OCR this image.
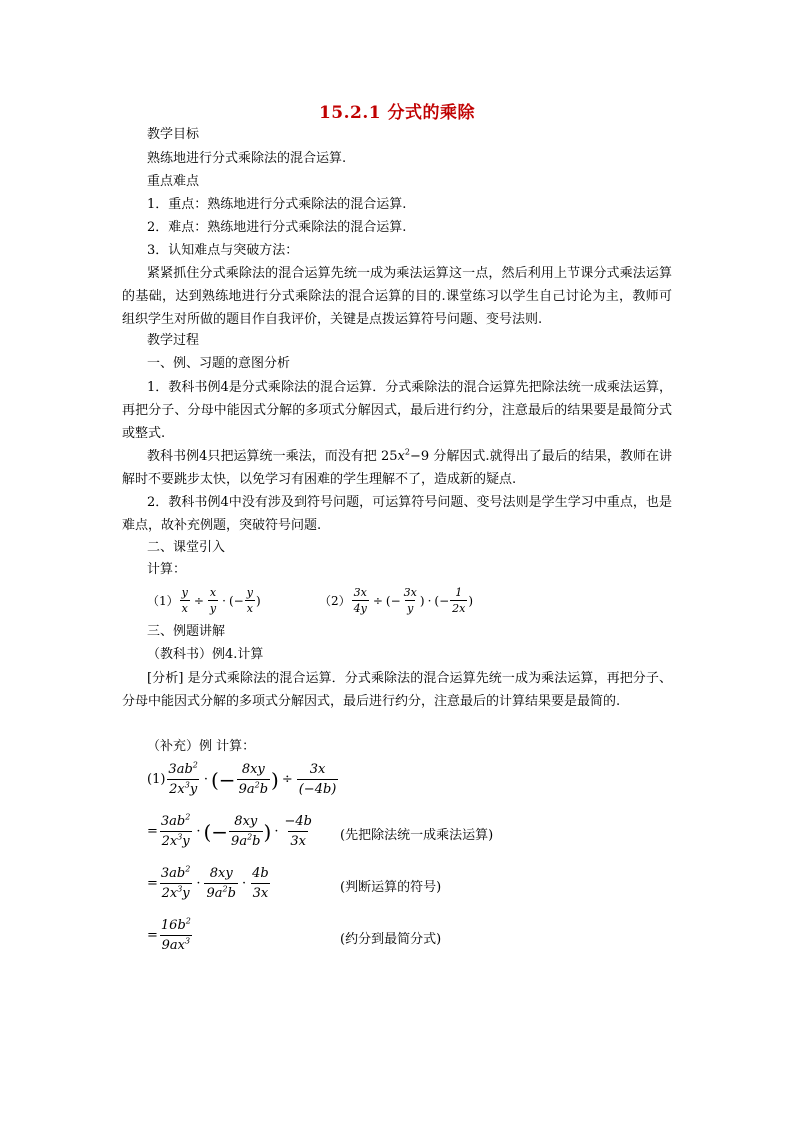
15.2.1 分式的乘除
教学目标
熟练地进行分式乘除法的混合运算.
重点难点
1．重点：熟练地进行分式乘除法的混合运算.
2．难点：熟练地进行分式乘除法的混合运算.
3．认知难点与突破方法：
紧紧抓住分式乘除法的混合运算先统一成为乘法运算这一点，然后利用上节课分式乘法运算的基础，达到熟练地进行分式乘除法的混合运算的目的.课堂练习以学生自己讨论为主，教师可组织学生对所做的题目作自我评价，关键是点拨运算符号问题、变号法则.
教学过程
一、例、习题的意图分析
1．教科书例4是分式乘除法的混合运算．分式乘除法的混合运算先把除法统一成乘法运算，再把分子、分母中能因式分解的多项式分解因式，最后进行约分，注意最后的结果要是最简分式或整式.
教科书例4只把运算统一乘法，而没有把 $25x^2-9$ 分解因式.就得出了最后的结果，教师在讲解时不要跳步太快，以免学习有困难的学生理解不了，造成新的疑点.
2．教科书例4中没有涉及到符号问题，可运算符号问题、变号法则是学生学习中重点，也是难点，故补充例题，突破符号问题.
二、课堂引入
计算：
$(1) \frac{y}{x} \div \frac{x}{y}$ · (− $\frac{y}{x}$ )	$(2) \frac{3x}{4y}$ ÷ (− $\frac{3x}{y}$ ) · (− $\frac{1}{2x}$ )
三、例题讲解
（教科书）例4.计算
[分析] 是分式乘除法的混合运算．分式乘除法的混合运算先统一成为乘法运算，再把分子、分母中能因式分解的多项式分解因式，最后进行约分，注意最后的计算结果要是最简的.
（补充）例 计算：
$(1) \frac{3ab^2}{2x^3y}$ · (− $\frac{8xy}{9a^2b}$ ) ÷ $\frac{3x}{(-4b)}$
= $\frac{3ab^2}{2x^3y}$ · (− $\frac{8xy}{9a^2b}$ ) · $\frac{-4b}{3x}$ (先把除法统一成乘法运算)
= $\frac{3ab^2}{2x^3y} \cdot \frac{8xy}{9a^2b} \cdot \frac{4b}{3x}$	(判断运算的符号)
= $\frac{16b^2}{9ax^3}$	(约分到最简分式)
